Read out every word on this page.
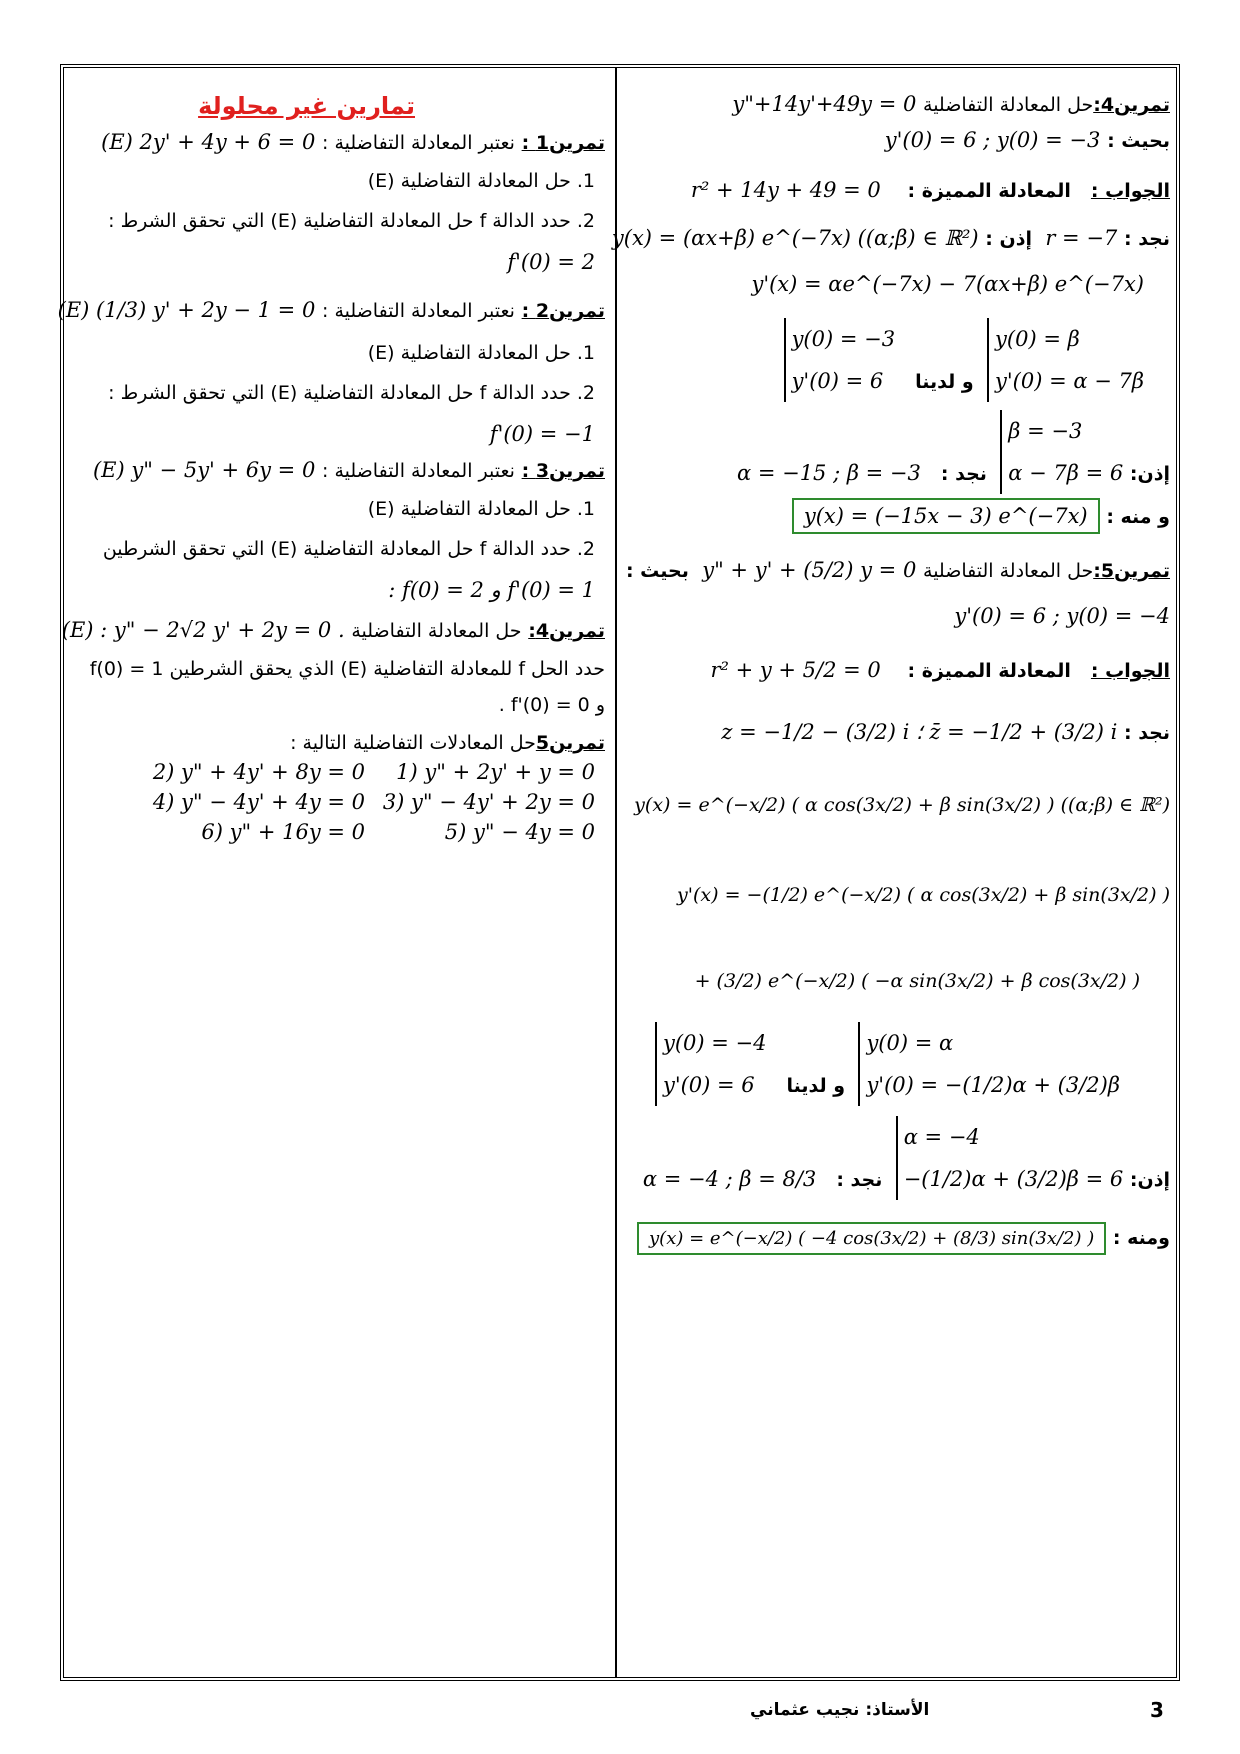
تمرين4:حل المعادلة التفاضلية y"+14y'+49y = 0
بحيث : y'(0) = 6 ; y(0) = −3
الجواب :   المعادلة المميزة :    r² + 14y + 49 = 0
نجد : r = −7  إذن : y(x) = (αx+β) e^(−7x) ((α;β) ∈ ℝ²)
y'(x) = αe^(−7x) − 7(αx+β) e^(−7x)
y(0) = β
y'(0) = α − 7β  و لدينا   y(0) = −3
y'(0) = 6
إذن: β = −3
α − 7β = 6  نجد :   α = −15 ; β = −3
و منه : y(x) = (−15x − 3) e^(−7x)
تمرين5:حل المعادلة التفاضلية y" + y' + (5/2) y = 0  بحيث :
y'(0) = 6 ; y(0) = −4
الجواب :   المعادلة المميزة :    r² + y + 5/2 = 0
نجد : z = −1/2 − (3/2) i ؛ z̄ = −1/2 + (3/2) i
y(x) = e^(−x/2) ( α cos(3x/2) + β sin(3x/2) ) ((α;β) ∈ ℝ²)
y'(x) = −(1/2) e^(−x/2) ( α cos(3x/2) + β sin(3x/2) )
+ (3/2) e^(−x/2) ( −α sin(3x/2) + β cos(3x/2) )
y(0) = α
y'(0) = −(1/2)α + (3/2)β  و لدينا   y(0) = −4
y'(0) = 6
إذن: α = −4
−(1/2)α + (3/2)β = 6  نجد :   α = −4 ; β = 8/3
ومنه : y(x) = e^(−x/2) ( −4 cos(3x/2) + (8/3) sin(3x/2) )
تمارين غير محلولة
تمرين1 : نعتبر المعادلة التفاضلية : (E) 2y' + 4y + 6 = 0
1. حل المعادلة التفاضلية (E)
2. حدد الدالة f حل المعادلة التفاضلية (E) التي تحقق الشرط :
f'(0) = 2
تمرين2 : نعتبر المعادلة التفاضلية : (E) (1/3) y' + 2y − 1 = 0
1. حل المعادلة التفاضلية (E)
2. حدد الدالة f حل المعادلة التفاضلية (E) التي تحقق الشرط :
f'(0) = −1
تمرين3 : نعتبر المعادلة التفاضلية : (E) y" − 5y' + 6y = 0
1. حل المعادلة التفاضلية (E)
2. حدد الدالة f حل المعادلة التفاضلية (E) التي تحقق الشرطين
: f(0) = 2 و f'(0) = 1
تمرين4: حل المعادلة التفاضلية (E) : y" − 2√2 y' + 2y = 0 .
حدد الحل f للمعادلة التفاضلية (E) الذي يحقق الشرطين f(0) = 1
و f'(0) = 0 .
تمرين5حل المعادلات التفاضلية التالية :
1) y" + 2y' + y = 0
2) y" + 4y' + 8y = 0
3) y" − 4y' + 2y = 0
4) y" − 4y' + 4y = 0
5) y" − 4y = 0
6) y" + 16y = 0
الأستاذ: نجيب عثماني	3
